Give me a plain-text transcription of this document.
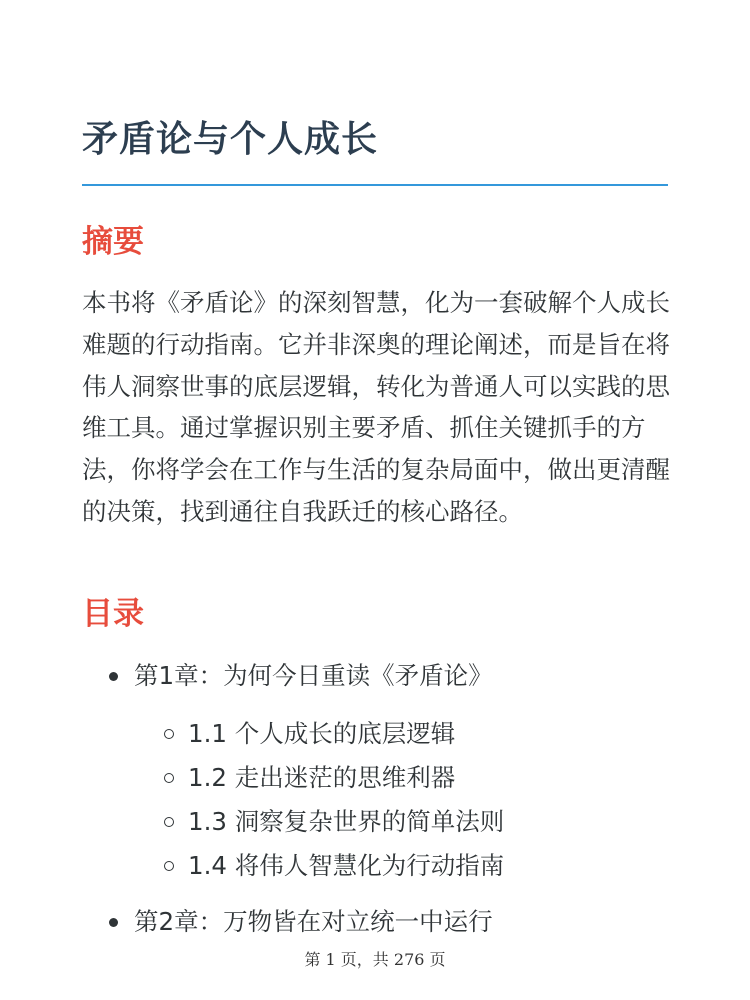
矛盾论与个人成长
摘要

本书将《矛盾论》的深刻智慧，化为一套破解个人成长难题的行动指南。它并非深奥的理论阐述，而是旨在将伟人洞察世事的底层逻辑，转化为普通人可以实践的思维工具。通过掌握识别主要矛盾、抓住关键抓手的方法，你将学会在工作与生活的复杂局面中，做出更清醒的决策，找到通往自我跃迁的核心路径。

目录
第1章：为何今日重读《矛盾论》
1.1 个人成长的底层逻辑
1.2 走出迷茫的思维利器
1.3 洞察复杂世界的简单法则
1.4 将伟人智慧化为行动指南
第2章：万物皆在对立统一中运行
第 1 页，共 276 页
